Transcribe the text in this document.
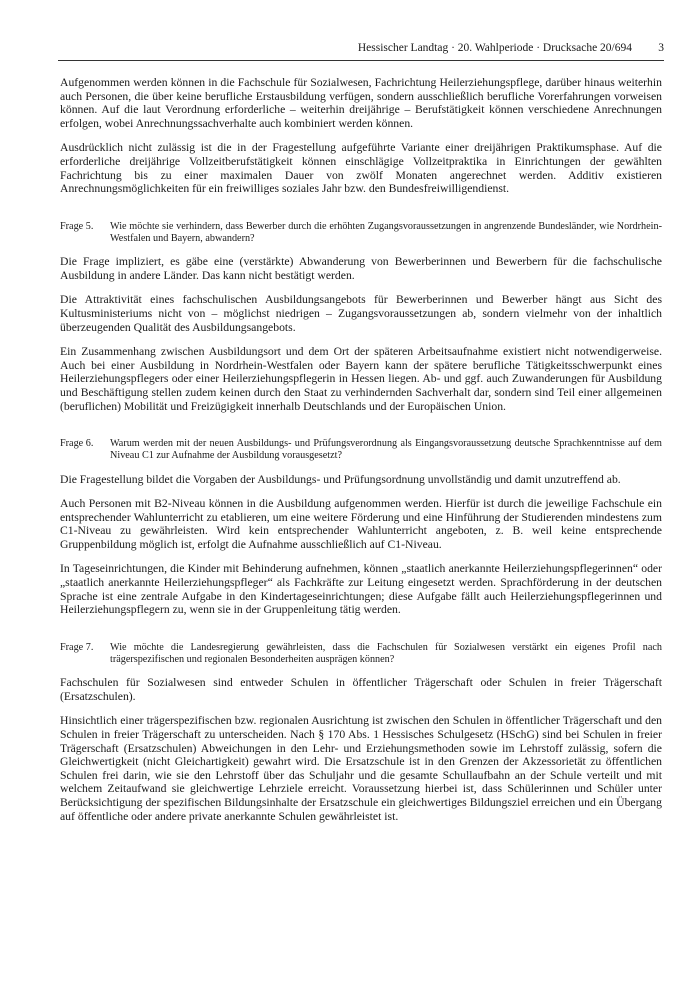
Hessischer Landtag · 20. Wahlperiode · Drucksache 20/694 3

Aufgenommen werden können in die Fachschule für Sozialwesen, Fachrichtung Heilerziehungspflege, darüber hinaus weiterhin auch Personen, die über keine berufliche Erstausbildung verfügen, sondern ausschließlich berufliche Vorerfahrungen vorweisen können. Auf die laut Verordnung erforderliche – weiterhin dreijährige – Berufstätigkeit können verschiedene Anrechnungen erfolgen, wobei Anrechnungssachverhalte auch kombiniert werden können.

Ausdrücklich nicht zulässig ist die in der Fragestellung aufgeführte Variante einer dreijährigen Praktikumsphase. Auf die erforderliche dreijährige Vollzeitberufstätigkeit können einschlägige Vollzeitpraktika in Einrichtungen der gewählten Fachrichtung bis zu einer maximalen Dauer von zwölf Monaten angerechnet werden. Additiv existieren Anrechnungsmöglichkeiten für ein freiwilliges soziales Jahr bzw. den Bundesfreiwilligendienst.

Frage 5.	Wie möchte sie verhindern, dass Bewerber durch die erhöhten Zugangsvoraussetzungen in angrenzende Bundesländer, wie Nordrhein-Westfalen und Bayern, abwandern?

Die Frage impliziert, es gäbe eine (verstärkte) Abwanderung von Bewerberinnen und Bewerbern für die fachschulische Ausbildung in andere Länder. Das kann nicht bestätigt werden.

Die Attraktivität eines fachschulischen Ausbildungsangebots für Bewerberinnen und Bewerber hängt aus Sicht des Kultusministeriums nicht von – möglichst niedrigen – Zugangsvoraussetzungen ab, sondern vielmehr von der inhaltlich überzeugenden Qualität des Ausbildungsangebots.

Ein Zusammenhang zwischen Ausbildungsort und dem Ort der späteren Arbeitsaufnahme existiert nicht notwendigerweise. Auch bei einer Ausbildung in Nordrhein-Westfalen oder Bayern kann der spätere berufliche Tätigkeitsschwerpunkt eines Heilerziehungspflegers oder einer Heilerziehungspflegerin in Hessen liegen. Ab- und ggf. auch Zuwanderungen für Ausbildung und Beschäftigung stellen zudem keinen durch den Staat zu verhindernden Sachverhalt dar, sondern sind Teil einer allgemeinen (beruflichen) Mobilität und Freizügigkeit innerhalb Deutschlands und der Europäischen Union.

Frage 6.	Warum werden mit der neuen Ausbildungs- und Prüfungsverordnung als Eingangsvoraussetzung deutsche Sprachkenntnisse auf dem Niveau C1 zur Aufnahme der Ausbildung vorausgesetzt?

Die Fragestellung bildet die Vorgaben der Ausbildungs- und Prüfungsordnung unvollständig und damit unzutreffend ab.

Auch Personen mit B2-Niveau können in die Ausbildung aufgenommen werden. Hierfür ist durch die jeweilige Fachschule ein entsprechender Wahlunterricht zu etablieren, um eine weitere Förderung und eine Hinführung der Studierenden mindestens zum C1-Niveau zu gewährleisten. Wird kein entsprechender Wahlunterricht angeboten, z. B. weil keine entsprechende Gruppenbildung möglich ist, erfolgt die Aufnahme ausschließlich auf C1-Niveau.

In Tageseinrichtungen, die Kinder mit Behinderung aufnehmen, können „staatlich anerkannte Heilerziehungspflegerinnen“ oder „staatlich anerkannte Heilerziehungspfleger“ als Fachkräfte zur Leitung eingesetzt werden. Sprachförderung in der deutschen Sprache ist eine zentrale Aufgabe in den Kindertageseinrichtungen; diese Aufgabe fällt auch Heilerziehungspflegerinnen und Heilerziehungspflegern zu, wenn sie in der Gruppenleitung tätig werden.

Frage 7.	Wie möchte die Landesregierung gewährleisten, dass die Fachschulen für Sozialwesen verstärkt ein eigenes Profil nach trägerspezifischen und regionalen Besonderheiten ausprägen können?

Fachschulen für Sozialwesen sind entweder Schulen in öffentlicher Trägerschaft oder Schulen in freier Trägerschaft (Ersatzschulen).

Hinsichtlich einer trägerspezifischen bzw. regionalen Ausrichtung ist zwischen den Schulen in öffentlicher Trägerschaft und den Schulen in freier Trägerschaft zu unterscheiden. Nach § 170 Abs. 1 Hessisches Schulgesetz (HSchG) sind bei Schulen in freier Trägerschaft (Ersatzschulen) Abweichungen in den Lehr- und Erziehungsmethoden sowie im Lehrstoff zulässig, sofern die Gleichwertigkeit (nicht Gleichartigkeit) gewahrt wird. Die Ersatzschule ist in den Grenzen der Akzessorietät zu öffentlichen Schulen frei darin, wie sie den Lehrstoff über das Schuljahr und die gesamte Schullaufbahn an der Schule verteilt und mit welchem Zeitaufwand sie gleichwertige Lehrziele erreicht. Voraussetzung hierbei ist, dass Schülerinnen und Schüler unter Berücksichtigung der spezifischen Bildungsinhalte der Ersatzschule ein gleichwertiges Bildungsziel erreichen und ein Übergang auf öffentliche oder andere private anerkannte Schulen gewährleistet ist.
